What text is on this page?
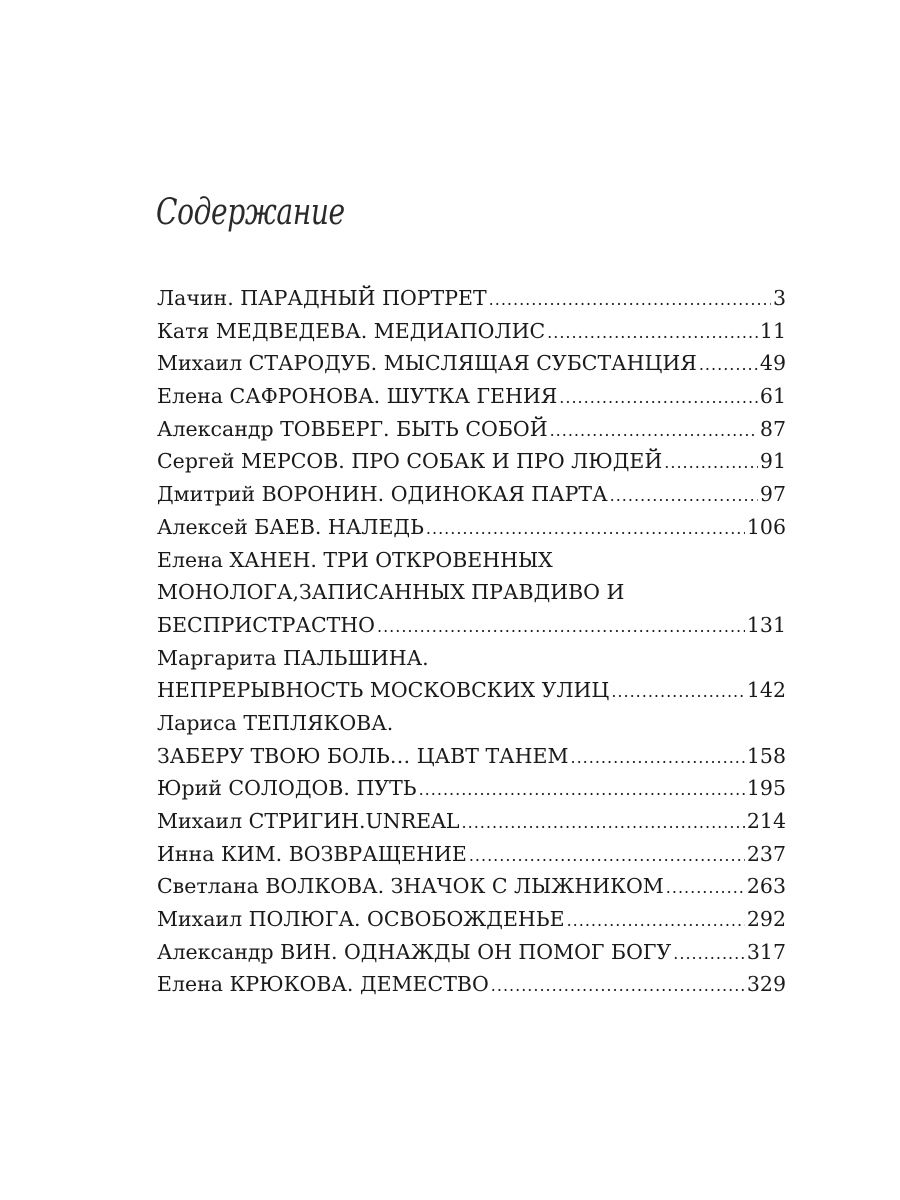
Содержание
Лачин. ПАРАДНЫЙ ПОРТРЕТ .....	3
Катя МЕДВЕДЕВА. МЕДИАПОЛИС .....	11
Михаил СТАРОДУБ. МЫСЛЯЩАЯ СУБСТАНЦИЯ .....	49
Елена САФРОНОВА. ШУТКА ГЕНИЯ .....	61
Александр ТОВБЕРГ. БЫТЬ СОБОЙ .....	87
Сергей МЕРСОВ. ПРО СОБАК И ПРО ЛЮДЕЙ .....	91
Дмитрий ВОРОНИН. ОДИНОКАЯ ПАРТА .....	97
Алексей БАЕВ. НАЛЕДЬ .....	106
Елена ХАНЕН. ТРИ ОТКРОВЕННЫХ
МОНОЛОГА,ЗАПИСАННЫХ ПРАВДИВО И
БЕСПРИСТРАСТНО .....	131
Маргарита ПАЛЬШИНА.
НЕПРЕРЫВНОСТЬ МОСКОВСКИХ УЛИЦ .....	142
Лариса ТЕПЛЯКОВА.
ЗАБЕРУ ТВОЮ БОЛЬ… ЦАВТ ТАНЕМ .....	158
Юрий СОЛОДОВ. ПУТЬ .....	195
Михаил СТРИГИН.UNREAL .....	214
Инна КИМ. ВОЗВРАЩЕНИЕ .....	237
Светлана ВОЛКОВА. ЗНАЧОК С ЛЫЖНИКОМ .....	263
Михаил ПОЛЮГА. ОСВОБОЖДЕНЬЕ .....	292
Александр ВИН. ОДНАЖДЫ ОН ПОМОГ БОГУ .....	317
Елена КРЮКОВА. ДЕМЕСТВО .....	329
